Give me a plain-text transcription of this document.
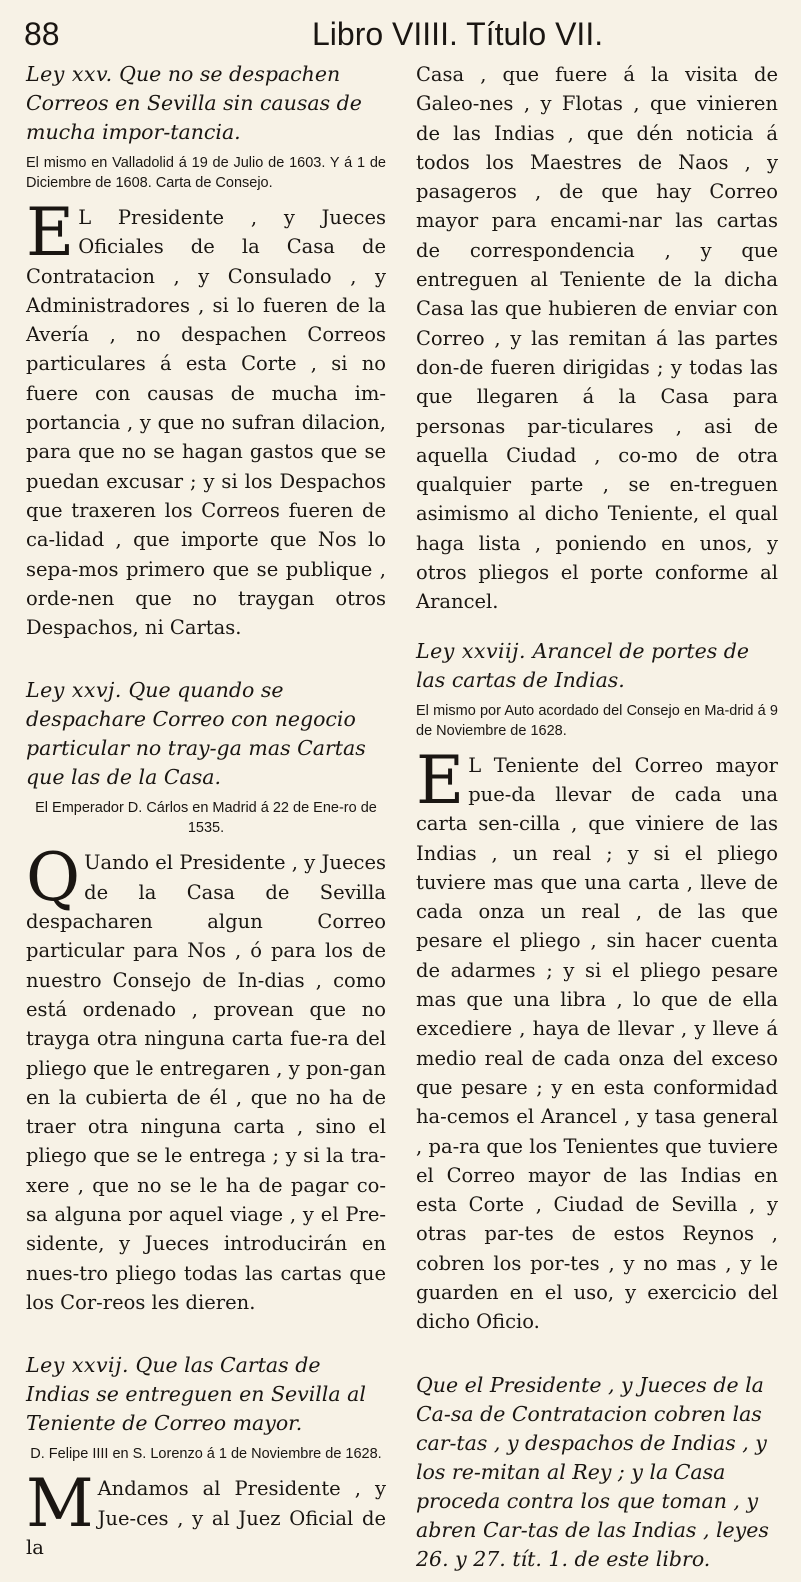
88	Libro VIIII. Título VII.

Ley xxv. Que no se despachen Correos en Sevilla sin causas de mucha impor-tancia.

El mismo en Valladolid á 19 de Julio de 1603. Y á 1 de Diciembre de 1608. Carta de Consejo.

E L Presidente , y Jueces Oficiales de la Casa de Contratacion , y Consulado , y Administradores , si lo fueren de la Avería , no despachen Correos particulares á esta Corte , si no fuere con causas de mucha im-portancia , y que no sufran dilacion, para que no se hagan gastos que se puedan excusar ; y si los Despachos que traxeren los Correos fueren de ca-lidad , que importe que Nos lo sepa-mos primero que se publique , orde-nen que no traygan otros Despachos, ni Cartas.

Ley xxvj. Que quando se despachare Correo con negocio particular no tray-ga mas Cartas que las de la Casa.

El Emperador D. Cárlos en Madrid á 22 de Ene-ro de 1535.

Q Uando el Presidente , y Jueces de la Casa de Sevilla despacharen algun Correo particular para Nos , ó para los de nuestro Consejo de In-dias , como está ordenado , provean que no trayga otra ninguna carta fue-ra del pliego que le entregaren , y pon-gan en la cubierta de él , que no ha de traer otra ninguna carta , sino el pliego que se le entrega ; y si la tra-xere , que no se le ha de pagar co-sa alguna por aquel viage , y el Pre-sidente, y Jueces introducirán en nues-tro pliego todas las cartas que los Cor-reos les dieren.

Ley xxvij. Que las Cartas de Indias se entreguen en Sevilla al Teniente de Correo mayor.

D. Felipe IIII en S. Lorenzo á 1 de Noviembre de 1628.

M Andamos al Presidente , y Jue-ces , y al Juez Oficial de la

Casa , que fuere á la visita de Galeo-nes , y Flotas , que vinieren de las Indias , que dén noticia á todos los Maestres de Naos , y pasageros , de que hay Correo mayor para encami-nar las cartas de correspondencia , y que entreguen al Teniente de la dicha Casa las que hubieren de enviar con Correo , y las remitan á las partes don-de fueren dirigidas ; y todas las que llegaren á la Casa para personas par-ticulares , asi de aquella Ciudad , co-mo de otra qualquier parte , se en-treguen asimismo al dicho Teniente, el qual haga lista , poniendo en unos, y otros pliegos el porte conforme al Arancel.

Ley xxviij. Arancel de portes de las cartas de Indias.

El mismo por Auto acordado del Consejo en Ma-drid á 9 de Noviembre de 1628.

E L Teniente del Correo mayor pue-da llevar de cada una carta sen-cilla , que viniere de las Indias , un real ; y si el pliego tuviere mas que una carta , lleve de cada onza un real , de las que pesare el pliego , sin hacer cuenta de adarmes ; y si el pliego pesare mas que una libra , lo que de ella excediere , haya de llevar , y lleve á medio real de cada onza del exceso que pesare ; y en esta conformidad ha-cemos el Arancel , y tasa general , pa-ra que los Tenientes que tuviere el Correo mayor de las Indias en esta Corte , Ciudad de Sevilla , y otras par-tes de estos Reynos , cobren los por-tes , y no mas , y le guarden en el uso, y exercicio del dicho Oficio.

Que el Presidente , y Jueces de la Ca-sa de Contratacion cobren las car-tas , y despachos de Indias , y los re-mitan al Rey ; y la Casa proceda contra los que toman , y abren Car-tas de las Indias , leyes 26. y 27. tít. 1. de este libro.
